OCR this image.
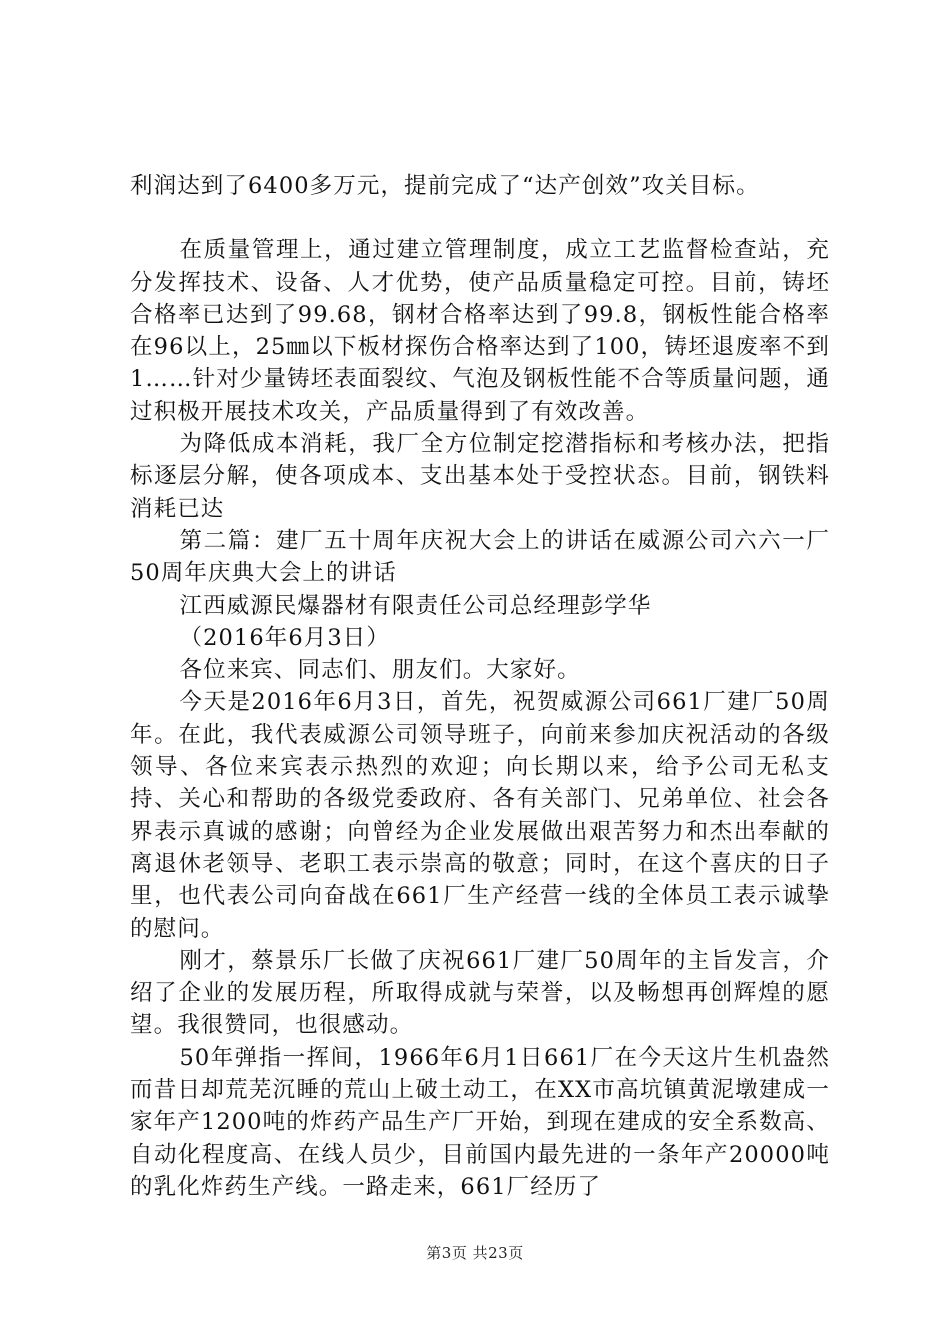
利润达到了6400多万元，提前完成了“达产创效”攻关目标。

在质量管理上，通过建立管理制度，成立工艺监督检查站，充分发挥技术、设备、人才优势，使产品质量稳定可控。目前，铸坯合格率已达到了99.68，钢材合格率达到了99.8，钢板性能合格率在96以上，25㎜以下板材探伤合格率达到了100，铸坯退废率不到1……针对少量铸坯表面裂纹、气泡及钢板性能不合等质量问题，通过积极开展技术攻关，产品质量得到了有效改善。

为降低成本消耗，我厂全方位制定挖潜指标和考核办法，把指标逐层分解，使各项成本、支出基本处于受控状态。目前，钢铁料消耗已达

第二篇：建厂五十周年庆祝大会上的讲话在威源公司六六一厂50周年庆典大会上的讲话

江西威源民爆器材有限责任公司总经理彭学华

（2016年6月3日）

各位来宾、同志们、朋友们。大家好。

今天是2016年6月3日，首先，祝贺威源公司661厂建厂50周年。在此，我代表威源公司领导班子，向前来参加庆祝活动的各级领导、各位来宾表示热烈的欢迎；向长期以来，给予公司无私支持、关心和帮助的各级党委政府、各有关部门、兄弟单位、社会各界表示真诚的感谢；向曾经为企业发展做出艰苦努力和杰出奉献的离退休老领导、老职工表示崇高的敬意；同时，在这个喜庆的日子里，也代表公司向奋战在661厂生产经营一线的全体员工表示诚挚的慰问。

刚才，蔡景乐厂长做了庆祝661厂建厂50周年的主旨发言，介绍了企业的发展历程，所取得成就与荣誉，以及畅想再创辉煌的愿望。我很赞同，也很感动。

50年弹指一挥间，1966年6月1日661厂在今天这片生机盎然而昔日却荒芜沉睡的荒山上破土动工，在XX市高坑镇黄泥墩建成一家年产1200吨的炸药产品生产厂开始，到现在建成的安全系数高、自动化程度高、在线人员少，目前国内最先进的一条年产20000吨的乳化炸药生产线。一路走来，661厂经历了

第3页 共23页
